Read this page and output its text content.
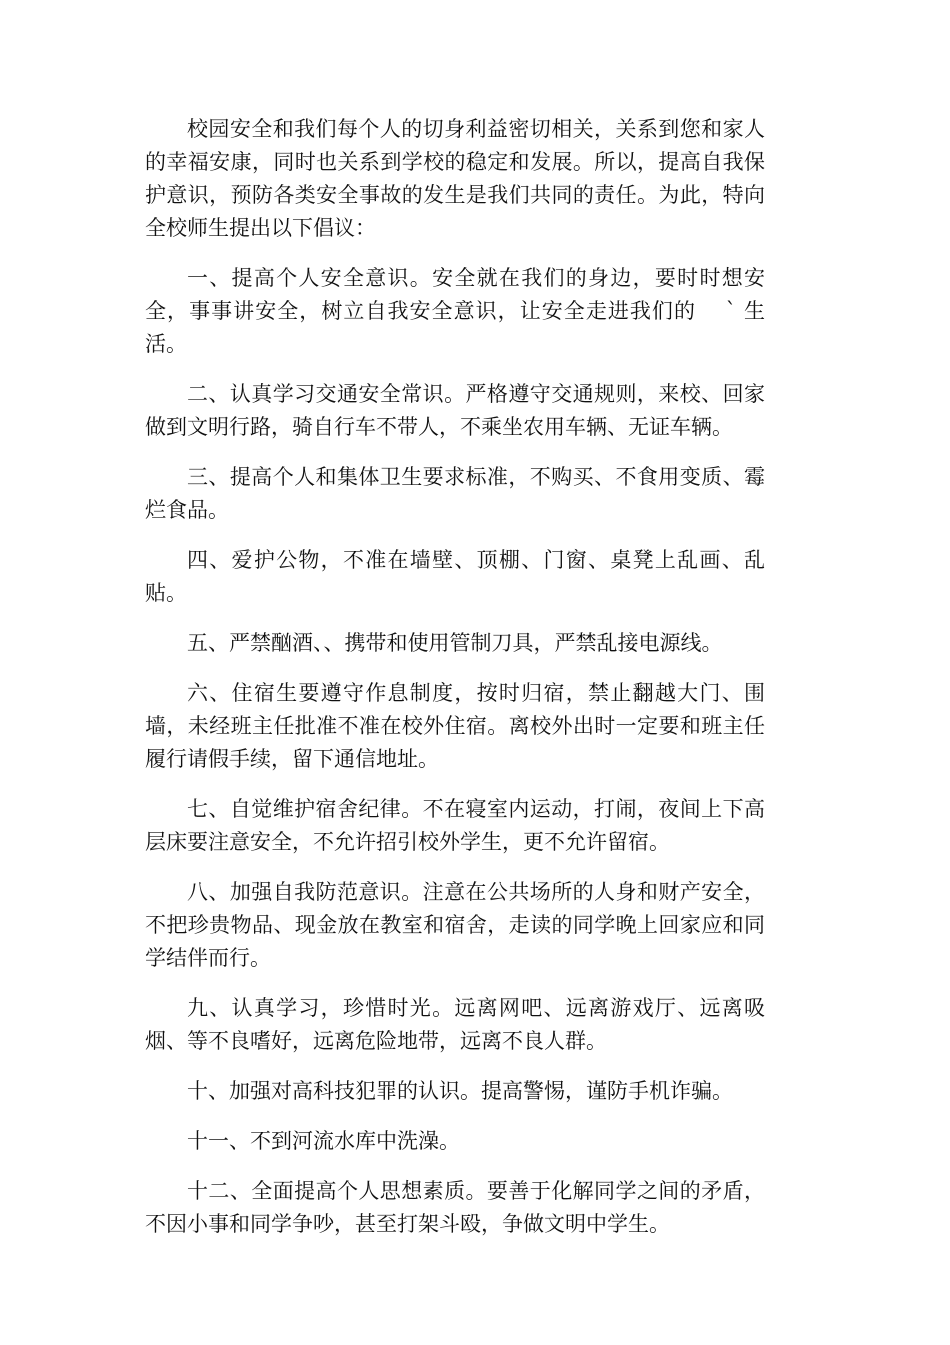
校园安全和我们每个人的切身利益密切相关，关系到您和家人的幸福安康，同时也关系到学校的稳定和发展。所以，提高自我保护意识，预防各类安全事故的发生是我们共同的责任。为此，特向全校师生提出以下倡议：

一、提高个人安全意识。安全就在我们的身边，要时时想安全，事事讲安全，树立自我安全意识，让安全走进我们的　 ` 生活。

二、认真学习交通安全常识。严格遵守交通规则，来校、回家做到文明行路，骑自行车不带人，不乘坐农用车辆、无证车辆。

三、提高个人和集体卫生要求标准，不购买、不食用变质、霉烂食品。

四、爱护公物，不准在墙壁、顶棚、门窗、桌凳上乱画、乱贴。

五、严禁酗酒、、携带和使用管制刀具，严禁乱接电源线。

六、住宿生要遵守作息制度，按时归宿，禁止翻越大门、围墙，未经班主任批准不准在校外住宿。离校外出时一定要和班主任履行请假手续，留下通信地址。

七、自觉维护宿舍纪律。不在寝室内运动，打闹，夜间上下高层床要注意安全，不允许招引校外学生，更不允许留宿。

八、加强自我防范意识。注意在公共场所的人身和财产安全，不把珍贵物品、现金放在教室和宿舍，走读的同学晚上回家应和同学结伴而行。

九、认真学习，珍惜时光。远离网吧、远离游戏厅、远离吸烟、等不良嗜好，远离危险地带，远离不良人群。

十、加强对高科技犯罪的认识。提高警惕，谨防手机诈骗。

十一、不到河流水库中洗澡。

十二、全面提高个人思想素质。要善于化解同学之间的矛盾，不因小事和同学争吵，甚至打架斗殴，争做文明中学生。
